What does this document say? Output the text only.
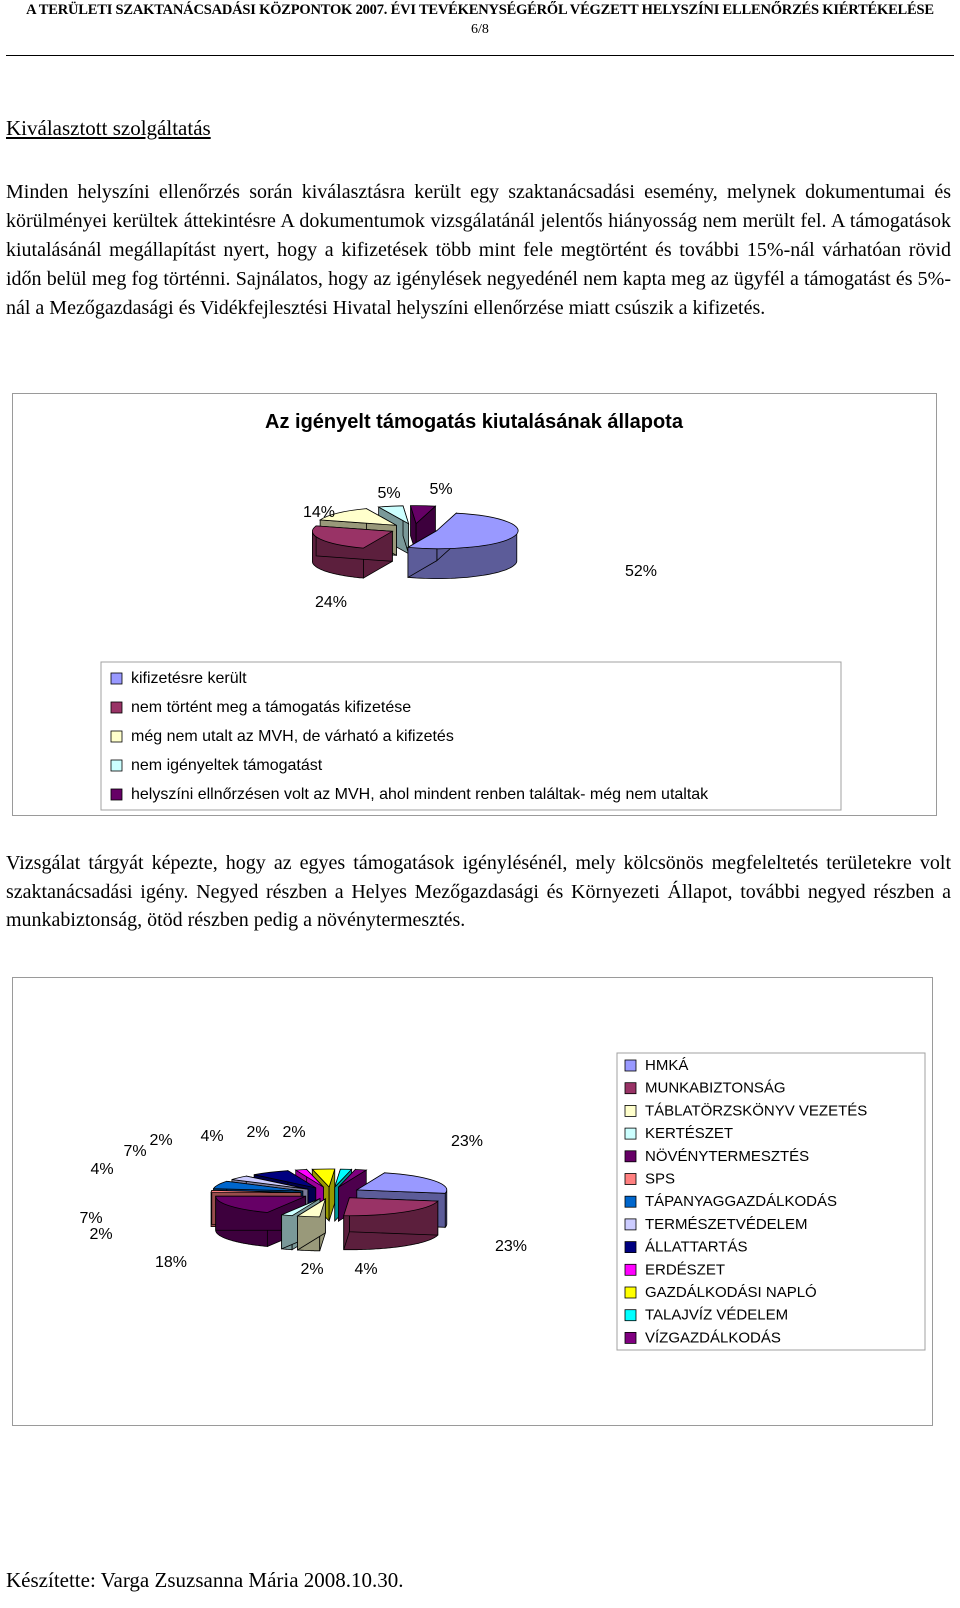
A TERÜLETI SZAKTANÁCSADÁSI KÖZPONTOK 2007. ÉVI TEVÉKENYSÉGÉRŐL VÉGZETT HELYSZÍNI ELLENŐRZÉS KIÉRTÉKELÉSE
6/8
Kiválasztott szolgáltatás

Minden helyszíni ellenőrzés során kiválasztásra került egy szaktanácsadási esemény, melynek dokumentumai és körülményei kerültek áttekintésre A dokumentumok vizsgálatánál jelentős hiányosság nem merült fel. A támogatások kiutalásánál megállapítást nyert, hogy a kifizetések több mint fele megtörtént és további 15%-nál várhatóan rövid időn belül meg fog történni. Sajnálatos, hogy az igénylések negyedénél nem kapta meg az ügyfél a támogatást és 5%-nál a Mezőgazdasági és Vidékfejlesztési Hivatal helyszíni ellenőrzése miatt csúszik a kifizetés.

Az igényelt támogatás kiutalásának állapota
52%
24%
14%
5% 5%
kifizetésre került
nem történt meg a támogatás kifizetése
még nem utalt az MVH, de várható a kifizetés
nem igényeltek támogatást
helyszíni ellnőrzésen volt az MVH, ahol mindent renben találtak- még nem utaltak

Vizsgálat tárgyát képezte, hogy az egyes támogatások igénylésénél, mely kölcsönös megfeleltetés területekre volt szaktanácsadási igény. Negyed részben a Helyes Mezőgazdasági és Környezeti Állapot, további negyed részben a munkabiztonság, ötöd részben pedig a növénytermesztés.

23%
23%
4%
2%
18%
2%
7%
4%
7%
2% 4% 2% 2%
HMKÁ
MUNKABIZTONSÁG
TÁBLATÖRZSKÖNYV VEZETÉS
KERTÉSZET
NÖVÉNYTERMESZTÉS
SPS
TÁPANYAGGAZDÁLKODÁS
TERMÉSZETVÉDELEM
ÁLLATTARTÁS
ERDÉSZET
GAZDÁLKODÁSI NAPLÓ
TALAJVÍZ VÉDELEM
VÍZGAZDÁLKODÁS
Készítette: Varga Zsuzsanna Mária 2008.10.30.
